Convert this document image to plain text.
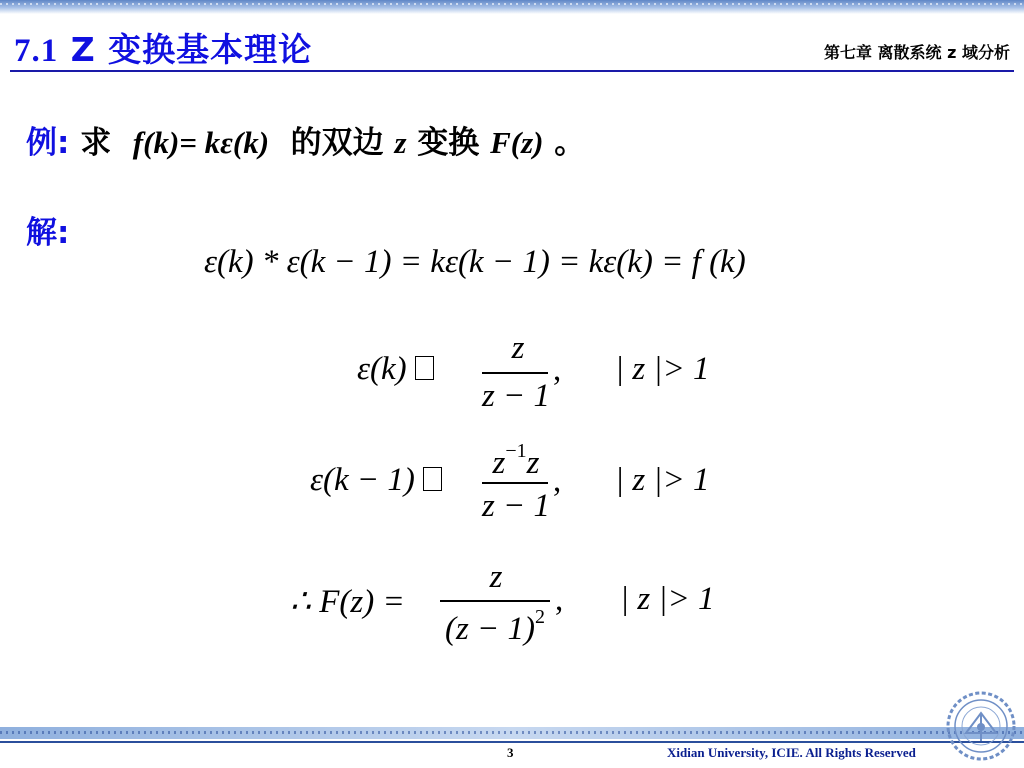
7.1 Z 变换基本理论	第七章 离散系统 z 域分析
例: 求 f(k)= kε(k) 的双边 z 变换 F(z) 。
解:
ε(k) * ε(k − 1) = kε(k − 1) = kε(k) = f (k)
ε(k)
z
z − 1
, | z |> 1
ε(k − 1)	$z^{-1}z$
z − 1
, | z |> 1
∴ F(z) =
z
$(z - 1)^2$ , | z |> 1
3	Xidian University, ICIE. All Rights Reserved
